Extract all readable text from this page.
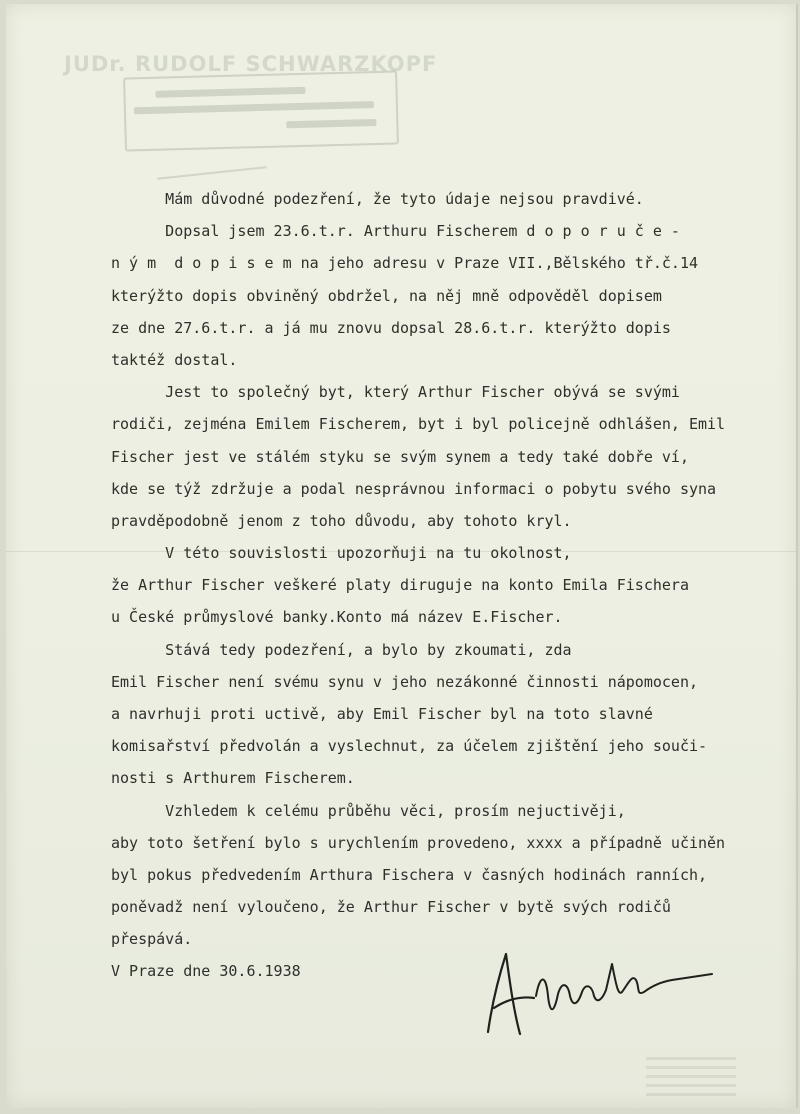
JUDr. RUDOLF SCHWARZKOPF
Mám důvodné podezření, že tyto údaje nejsou pravdivé.
Dopsal jsem 23.6.t.r. Arthuru Fischerem d o p o r u č e -
n ý m  d o p i s e m na jeho adresu v Praze VII.,Bělského tř.č.14
kterýžto dopis obviněný obdržel, na něj mně odpověděl dopisem
ze dne 27.6.t.r. a já mu znovu dopsal 28.6.t.r. kterýžto dopis
taktéž dostal.
Jest to společný byt, který Arthur Fischer obývá se svými
rodiči, zejména Emilem Fischerem, byt i byl policejně odhlášen, Emil
Fischer jest ve stálém styku se svým synem a tedy také dobře ví,
kde se týž zdržuje a podal nesprávnou informaci o pobytu svého syna
pravděpodobně jenom z toho důvodu, aby tohoto kryl.
V této souvislosti upozorňuji na tu okolnost,
že Arthur Fischer veškeré platy diruguje na konto Emila Fischera
u České průmyslové banky.Konto má název E.Fischer.
Stává tedy podezření, a bylo by zkoumati, zda
Emil Fischer není svému synu v jeho nezákonné činnosti nápomocen,
a navrhuji proti uctivě, aby Emil Fischer byl na toto slavné
komisařství předvolán a vyslechnut, za účelem zjištění jeho souči-
nosti s Arthurem Fischerem.
Vzhledem k celému průběhu věci, prosím nejuctivěji,
aby toto šetření bylo s urychlením provedeno, xxxx a případně učiněn
byl pokus předvedením Arthura Fischera v časných hodinách ranních,
poněvadž není vyloučeno, že Arthur Fischer v bytě svých rodičů
přespává.
V Praze dne 30.6.1938
